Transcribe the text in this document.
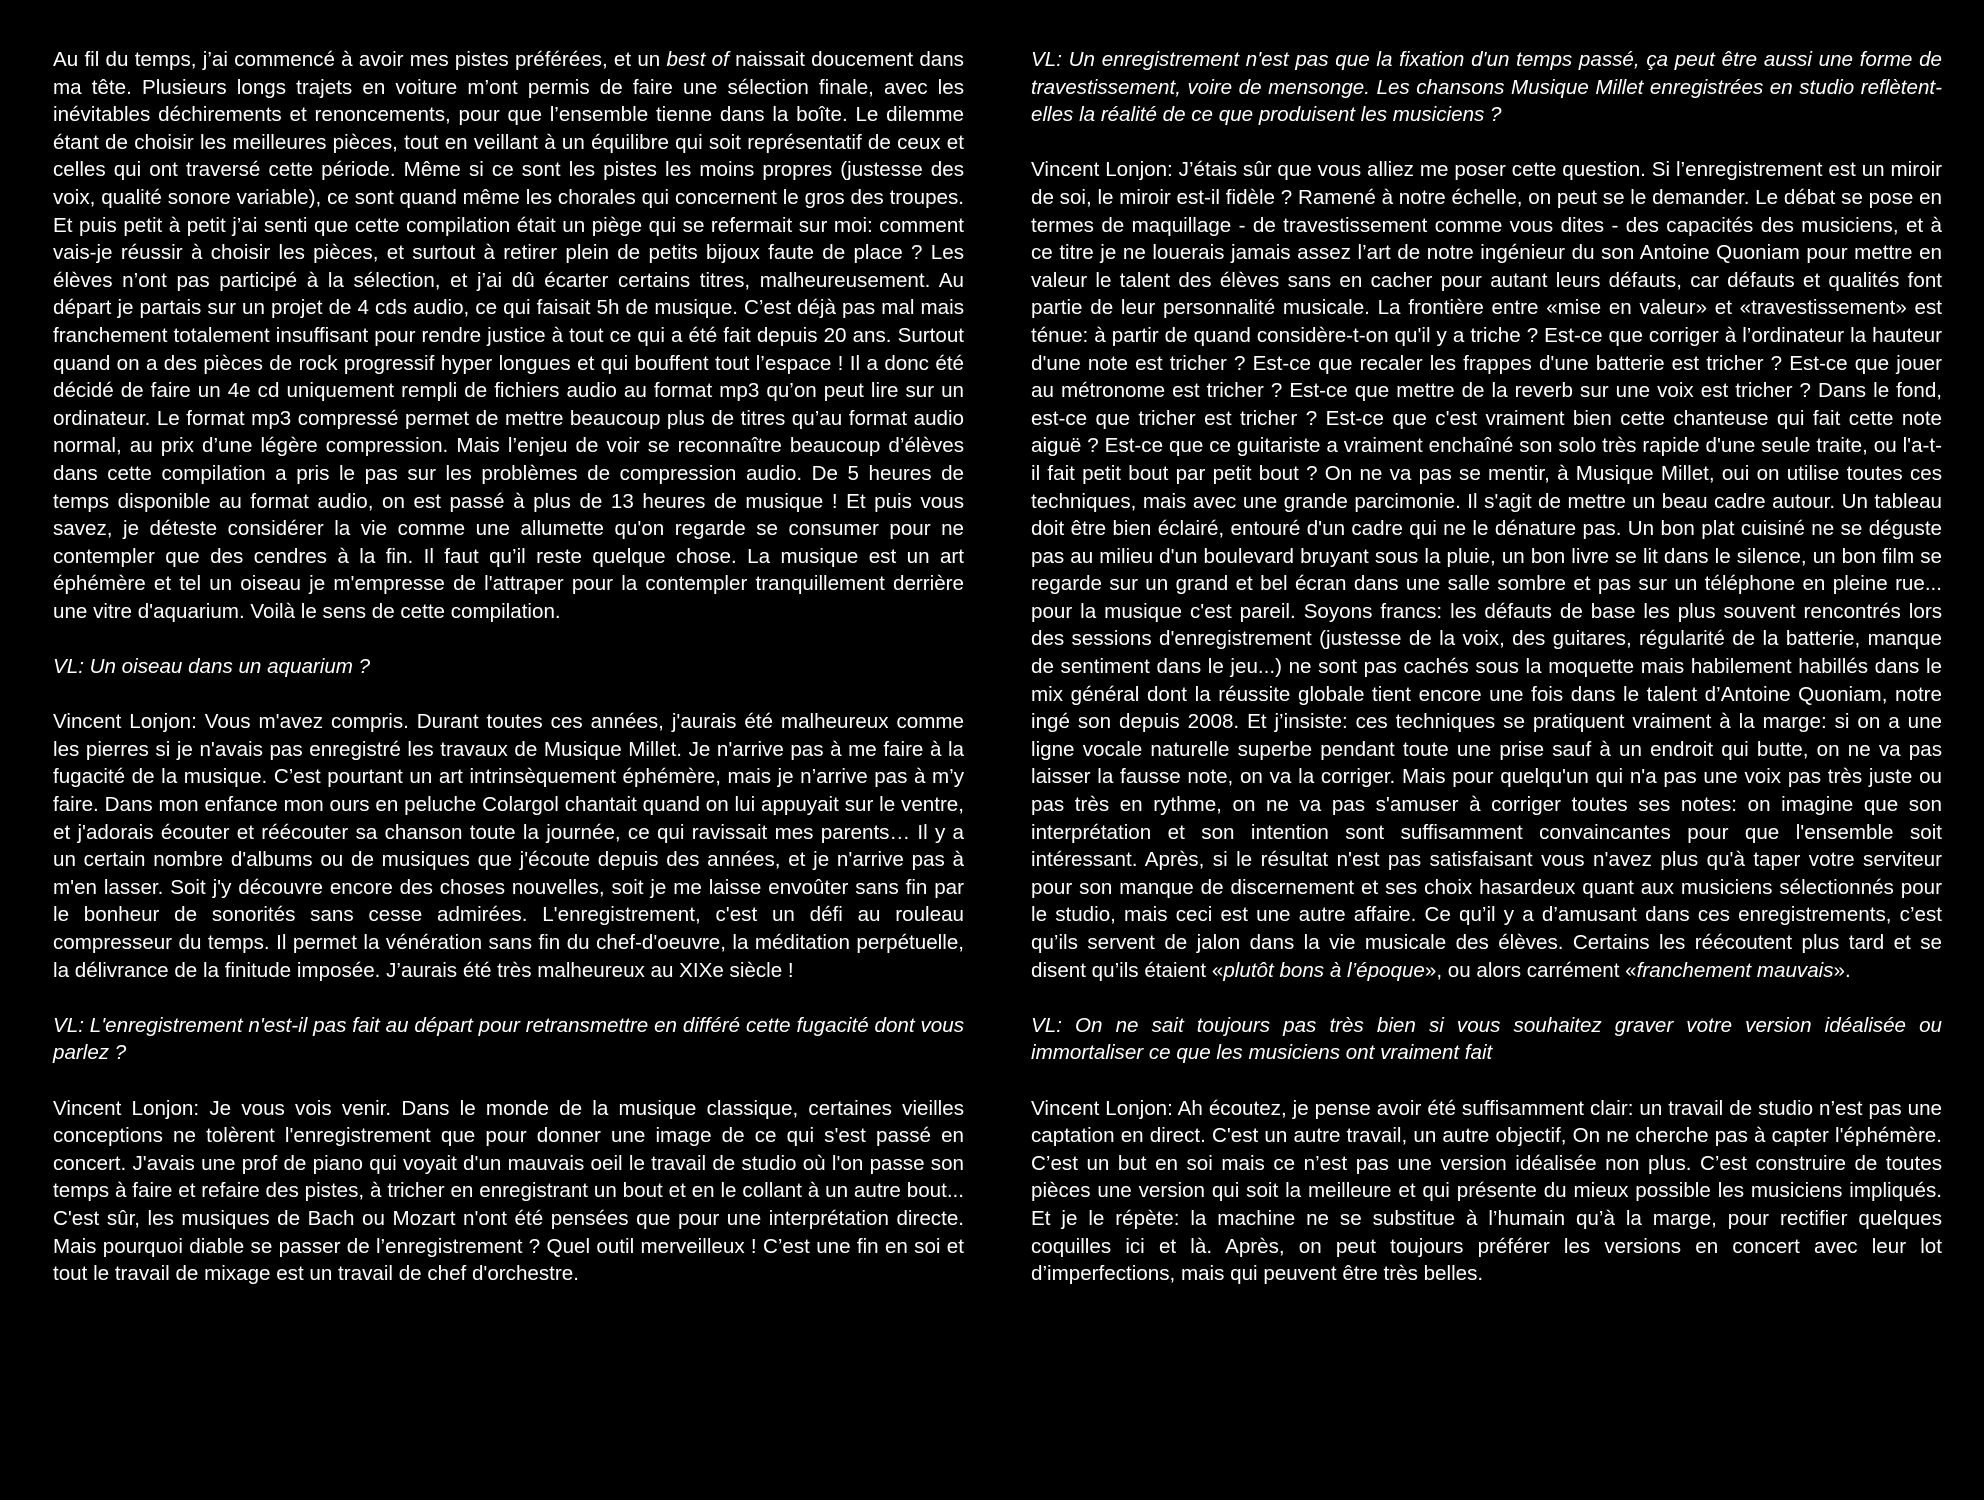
Au fil du temps, j’ai commencé à avoir mes pistes préférées, et un best of naissait doucement dans ma tête. Plusieurs longs trajets en voiture m’ont permis de faire une sélection finale, avec les inévitables déchirements et renoncements, pour que l’ensemble tienne dans la boîte. Le dilemme étant de choisir les meilleures pièces, tout en veillant à un équilibre qui soit représentatif de ceux et celles qui ont traversé cette période. Même si ce sont les pistes les moins propres (justesse des voix, qualité sonore variable), ce sont quand même les chorales qui concernent le gros des troupes. Et puis petit à petit j’ai senti que cette compilation était un piège qui se refermait sur moi: comment vais-je réussir à choisir les pièces, et surtout à retirer plein de petits bijoux faute de place ? Les élèves n’ont pas participé à la sélection, et j’ai dû écarter certains titres, malheureusement. Au départ je partais sur un projet de 4 cds audio, ce qui faisait 5h de musique. C’est déjà pas mal mais franchement totalement insuffisant pour rendre justice à tout ce qui a été fait depuis 20 ans. Surtout quand on a des pièces de rock progressif hyper longues et qui bouffent tout l’espace ! Il a donc été décidé de faire un 4e cd uniquement rempli de fichiers audio au format mp3 qu’on peut lire sur un ordinateur. Le format mp3 compressé permet de mettre beaucoup plus de titres qu’au format audio normal, au prix d’une légère compression. Mais l’enjeu de voir se reconnaître beaucoup d’élèves dans cette compilation a pris le pas sur les problèmes de compression audio. De 5 heures de temps disponible au format audio, on est passé à plus de 13 heures de musique ! Et puis vous savez, je déteste considérer la vie comme une allumette qu'on regarde se consumer pour ne contempler que des cendres à la fin. Il faut qu’il reste quelque chose. La musique est un art éphémère et tel un oiseau je m'empresse de l'attraper pour la contempler tranquillement derrière une vitre d'aquarium. Voilà le sens de cette compilation.

VL: Un oiseau dans un aquarium ?

Vincent Lonjon: Vous m'avez compris. Durant toutes ces années, j'aurais été malheureux comme les pierres si je n'avais pas enregistré les travaux de Musique Millet. Je n'arrive pas à me faire à la fugacité de la musique. C’est pourtant un art intrinsèquement éphémère, mais je n’arrive pas à m’y faire. Dans mon enfance mon ours en peluche Colargol chantait quand on lui appuyait sur le ventre, et j'adorais écouter et réécouter sa chanson toute la journée, ce qui ravissait mes parents… Il y a un certain nombre d'albums ou de musiques que j'écoute depuis des années, et je n'arrive pas à m'en lasser. Soit j'y découvre encore des choses nouvelles, soit je me laisse envoûter sans fin par le bonheur de sonorités sans cesse admirées. L'enregistrement, c'est un défi au rouleau compresseur du temps. Il permet la vénération sans fin du chef-d'oeuvre, la méditation perpétuelle, la délivrance de la finitude imposée. J’aurais été très malheureux au XIXe siècle !

VL: L'enregistrement n'est-il pas fait au départ pour retransmettre en différé cette fugacité dont vous parlez ?

Vincent Lonjon: Je vous vois venir. Dans le monde de la musique classique, certaines vieilles conceptions ne tolèrent l'enregistrement que pour donner une image de ce qui s'est passé en concert. J'avais une prof de piano qui voyait d'un mauvais oeil le travail de studio où l'on passe son temps à faire et refaire des pistes, à tricher en enregistrant un bout et en le collant à un autre bout... C'est sûr, les musiques de Bach ou Mozart n'ont été pensées que pour une interprétation directe. Mais pourquoi diable se passer de l’enregistrement ? Quel outil merveilleux ! C’est une fin en soi et tout le travail de mixage est un travail de chef d'orchestre.

VL: Un enregistrement n'est pas que la fixation d'un temps passé, ça peut être aussi une forme de travestissement, voire de mensonge. Les chansons Musique Millet enregistrées en studio reflètent-elles la réalité de ce que produisent les musiciens ?

Vincent Lonjon: J’étais sûr que vous alliez me poser cette question. Si l’enregistrement est un miroir de soi, le miroir est-il fidèle ? Ramené à notre échelle, on peut se le demander. Le débat se pose en termes de maquillage - de travestissement comme vous dites - des capacités des musiciens, et à ce titre je ne louerais jamais assez l’art de notre ingénieur du son Antoine Quoniam pour mettre en valeur le talent des élèves sans en cacher pour autant leurs défauts, car défauts et qualités font partie de leur personnalité musicale. La frontière entre «mise en valeur» et «travestissement» est ténue: à partir de quand considère-t-on qu'il y a triche ? Est-ce que corriger à l’ordinateur la hauteur d'une note est tricher ? Est-ce que recaler les frappes d'une batterie est tricher ? Est-ce que jouer au métronome est tricher ? Est-ce que mettre de la reverb sur une voix est tricher ? Dans le fond, est-ce que tricher est tricher ? Est-ce que c'est vraiment bien cette chanteuse qui fait cette note aiguë ? Est-ce que ce guitariste a vraiment enchaîné son solo très rapide d'une seule traite, ou l'a-t-il fait petit bout par petit bout ? On ne va pas se mentir, à Musique Millet, oui on utilise toutes ces techniques, mais avec une grande parcimonie. Il s'agit de mettre un beau cadre autour. Un tableau doit être bien éclairé, entouré d'un cadre qui ne le dénature pas. Un bon plat cuisiné ne se déguste pas au milieu d'un boulevard bruyant sous la pluie, un bon livre se lit dans le silence, un bon film se regarde sur un grand et bel écran dans une salle sombre et pas sur un téléphone en pleine rue... pour la musique c'est pareil. Soyons francs: les défauts de base les plus souvent rencontrés lors des sessions d'enregistrement (justesse de la voix, des guitares, régularité de la batterie, manque de sentiment dans le jeu...) ne sont pas cachés sous la moquette mais habilement habillés dans le mix général dont la réussite globale tient encore une fois dans le talent d’Antoine Quoniam, notre ingé son depuis 2008. Et j’insiste: ces techniques se pratiquent vraiment à la marge: si on a une ligne vocale naturelle superbe pendant toute une prise sauf à un endroit qui butte, on ne va pas laisser la fausse note, on va la corriger. Mais pour quelqu'un qui n'a pas une voix pas très juste ou pas très en rythme, on ne va pas s'amuser à corriger toutes ses notes: on imagine que son interprétation et son intention sont suffisamment convaincantes pour que l'ensemble soit intéressant. Après, si le résultat n'est pas satisfaisant vous n'avez plus qu'à taper votre serviteur pour son manque de discernement et ses choix hasardeux quant aux musiciens sélectionnés pour le studio, mais ceci est une autre affaire. Ce qu’il y a d’amusant dans ces enregistrements, c’est qu’ils servent de jalon dans la vie musicale des élèves. Certains les réécoutent plus tard et se disent qu’ils étaient «plutôt bons à l’époque», ou alors carrément «franchement mauvais».

VL: On ne sait toujours pas très bien si vous souhaitez graver votre version idéalisée ou immortaliser ce que les musiciens ont vraiment fait

Vincent Lonjon: Ah écoutez, je pense avoir été suffisamment clair: un travail de studio n’est pas une captation en direct. C'est un autre travail, un autre objectif, On ne cherche pas à capter l'éphémère. C’est un but en soi mais ce n’est pas une version idéalisée non plus. C’est construire de toutes pièces une version qui soit la meilleure et qui présente du mieux possible les musiciens impliqués. Et je le répète: la machine ne se substitue à l’humain qu’à la marge, pour rectifier quelques coquilles ici et là. Après, on peut toujours préférer les versions en concert avec leur lot d’imperfections, mais qui peuvent être très belles.
